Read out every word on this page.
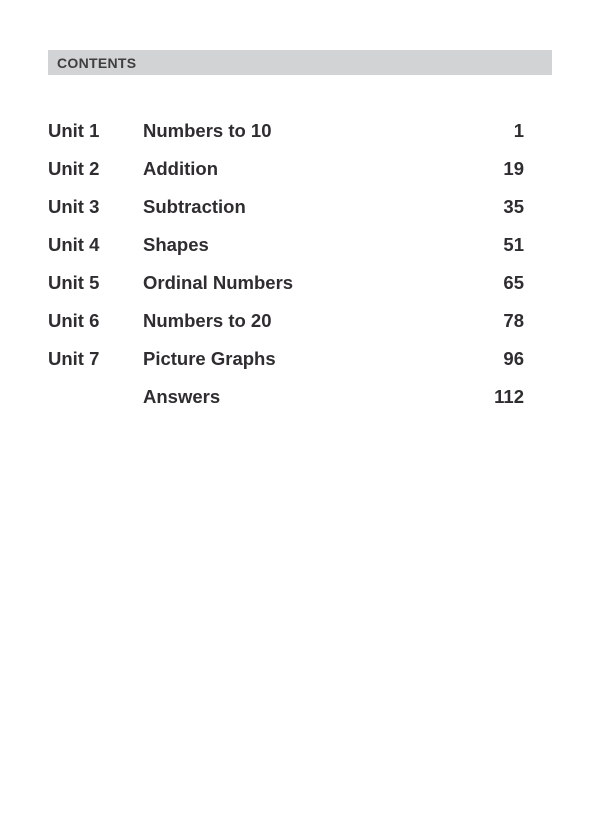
CONTENTS
Unit 1	Numbers to 10	1
Unit 2	Addition	19
Unit 3	Subtraction	35
Unit 4	Shapes	51
Unit 5	Ordinal Numbers	65
Unit 6	Numbers to 20	78
Unit 7	Picture Graphs	96
Answers	112
